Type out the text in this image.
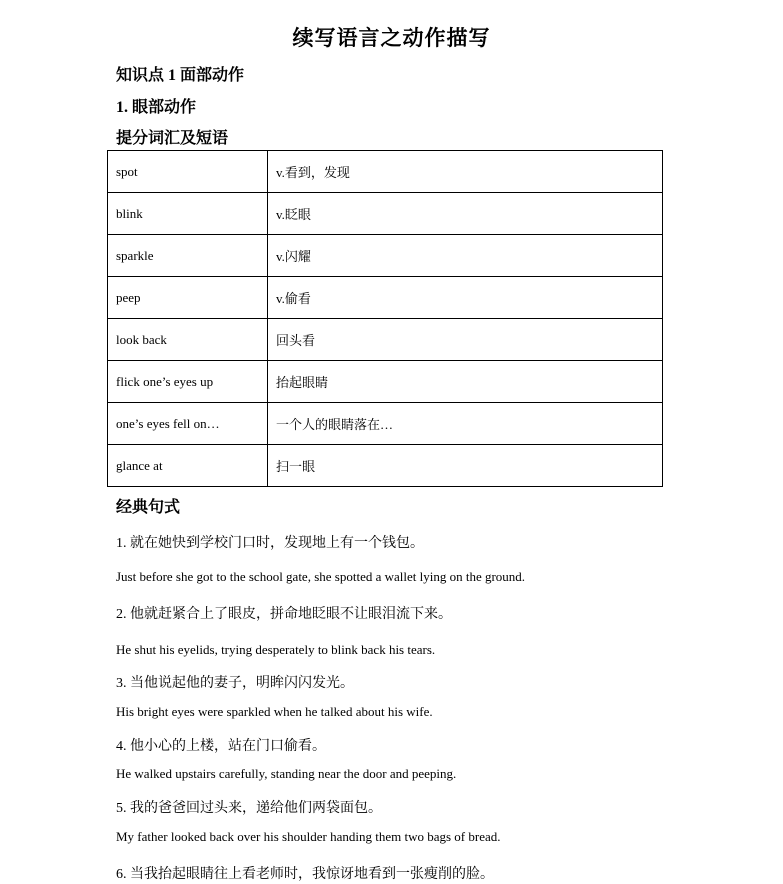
续写语言之动作描写
知识点 1 面部动作
1. 眼部动作
提分词汇及短语
spot	v.看到，发现
blink	v.眨眼
sparkle	v.闪耀
peep	v.偷看
look back	回头看
flick one’s eyes up	抬起眼睛
one’s eyes fell on…	一个人的眼睛落在…
glance at	扫一眼
经典句式
1. 就在她快到学校门口时，发现地上有一个钱包。
Just before she got to the school gate, she spotted a wallet lying on the ground.
2. 他就赶紧合上了眼皮，拼命地眨眼不让眼泪流下来。
He shut his eyelids, trying desperately to blink back his tears.
3. 当他说起他的妻子，明眸闪闪发光。
His bright eyes were sparkled when he talked about his wife.
4. 他小心的上楼，站在门口偷看。
He walked upstairs carefully, standing near the door and peeping.
5. 我的爸爸回过头来，递给他们两袋面包。
My father looked back over his shoulder handing them two bags of bread.
6. 当我抬起眼睛往上看老师时，我惊讶地看到一张瘦削的脸。
